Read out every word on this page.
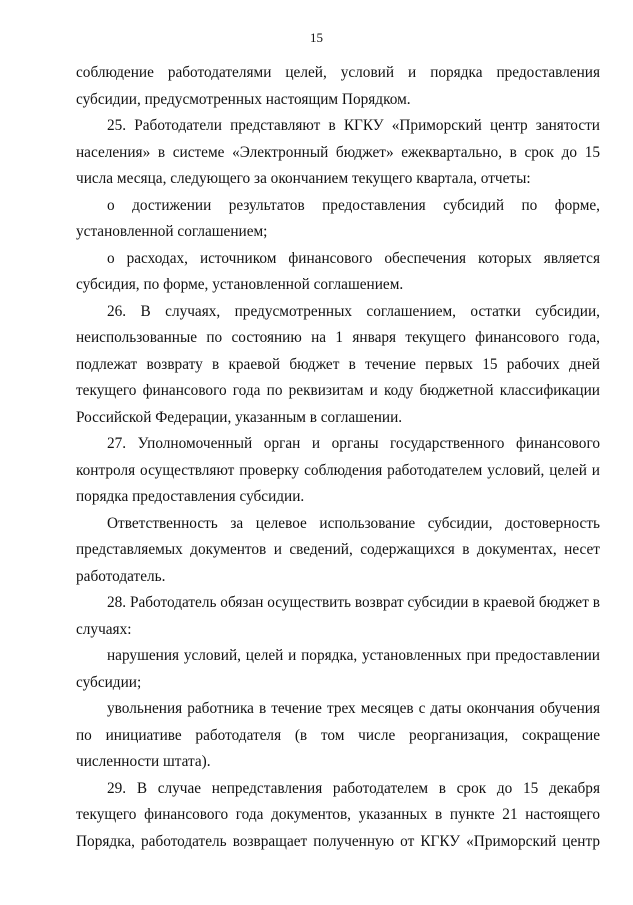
15

соблюдение работодателями целей, условий и порядка предоставления субсидии, предусмотренных настоящим Порядком.

25. Работодатели представляют в КГКУ «Приморский центр занятости населения» в системе «Электронный бюджет» ежеквартально, в срок до 15 числа месяца, следующего за окончанием текущего квартала, отчеты:

о достижении результатов предоставления субсидий по форме, установленной соглашением;

о расходах, источником финансового обеспечения которых является субсидия, по форме, установленной соглашением.

26. В случаях, предусмотренных соглашением, остатки субсидии, неиспользованные по состоянию на 1 января текущего финансового года, подлежат возврату в краевой бюджет в течение первых 15 рабочих дней текущего финансового года по реквизитам и коду бюджетной классификации Российской Федерации, указанным в соглашении.

27. Уполномоченный орган и органы государственного финансового контроля осуществляют проверку соблюдения работодателем условий, целей и порядка предоставления субсидии.

Ответственность за целевое использование субсидии, достоверность представляемых документов и сведений, содержащихся в документах, несет работодатель.

28. Работодатель обязан осуществить возврат субсидии в краевой бюджет в случаях:

нарушения условий, целей и порядка, установленных при предоставлении субсидии;

увольнения работника в течение трех месяцев с даты окончания обучения по инициативе работодателя (в том числе реорганизация, сокращение численности штата).

29. В случае непредставления работодателем в срок до 15 декабря текущего финансового года документов, указанных в пункте 21 настоящего Порядка, работодатель возвращает полученную от КГКУ «Приморский центр
